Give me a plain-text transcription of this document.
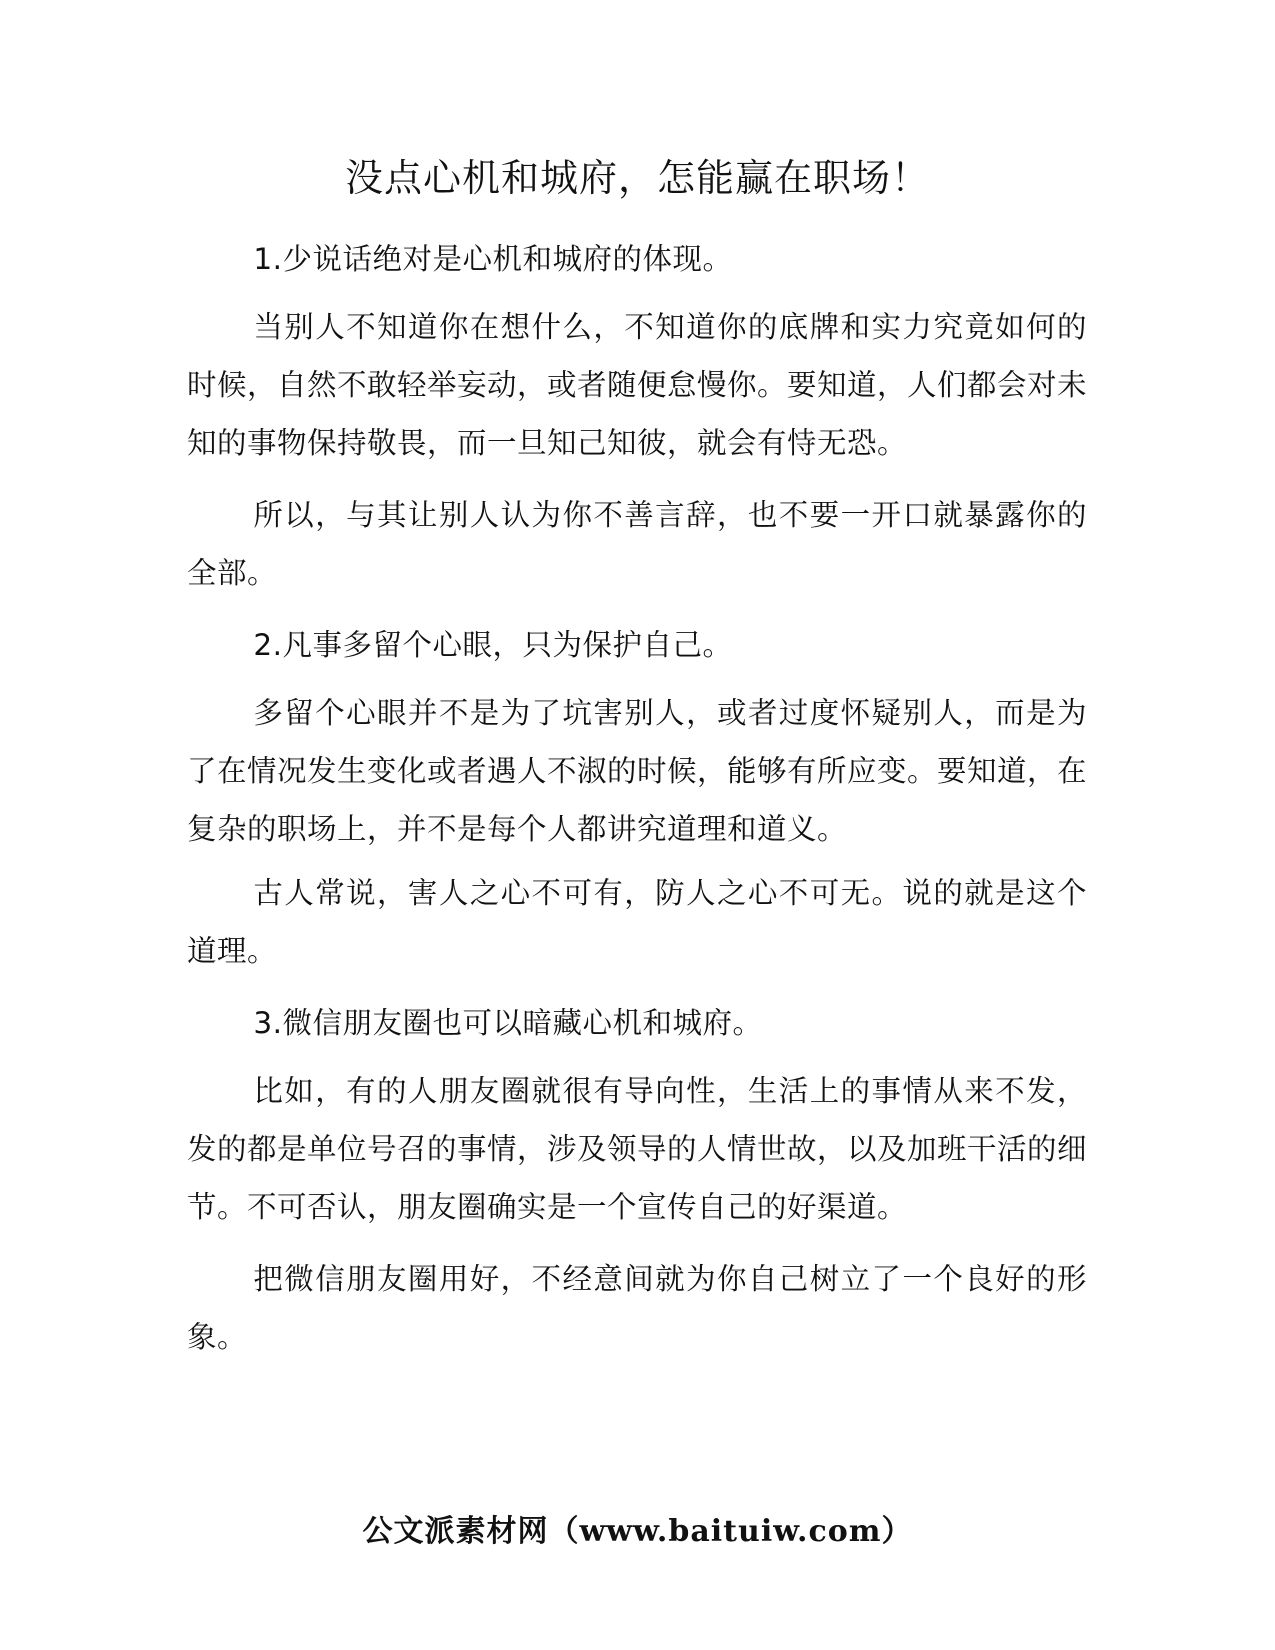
没点心机和城府，怎能赢在职场！

1.少说话绝对是心机和城府的体现。

当别人不知道你在想什么，不知道你的底牌和实力究竟如何的时候，自然不敢轻举妄动，或者随便怠慢你。要知道，人们都会对未知的事物保持敬畏，而一旦知己知彼，就会有恃无恐。

所以，与其让别人认为你不善言辞，也不要一开口就暴露你的全部。

2.凡事多留个心眼，只为保护自己。

多留个心眼并不是为了坑害别人，或者过度怀疑别人，而是为了在情况发生变化或者遇人不淑的时候，能够有所应变。要知道，在复杂的职场上，并不是每个人都讲究道理和道义。

古人常说，害人之心不可有，防人之心不可无。说的就是这个道理。

3.微信朋友圈也可以暗藏心机和城府。

比如，有的人朋友圈就很有导向性，生活上的事情从来不发，发的都是单位号召的事情，涉及领导的人情世故，以及加班干活的细节。不可否认，朋友圈确实是一个宣传自己的好渠道。

把微信朋友圈用好，不经意间就为你自己树立了一个良好的形象。

公文派素材网（www.baituiw.com）
